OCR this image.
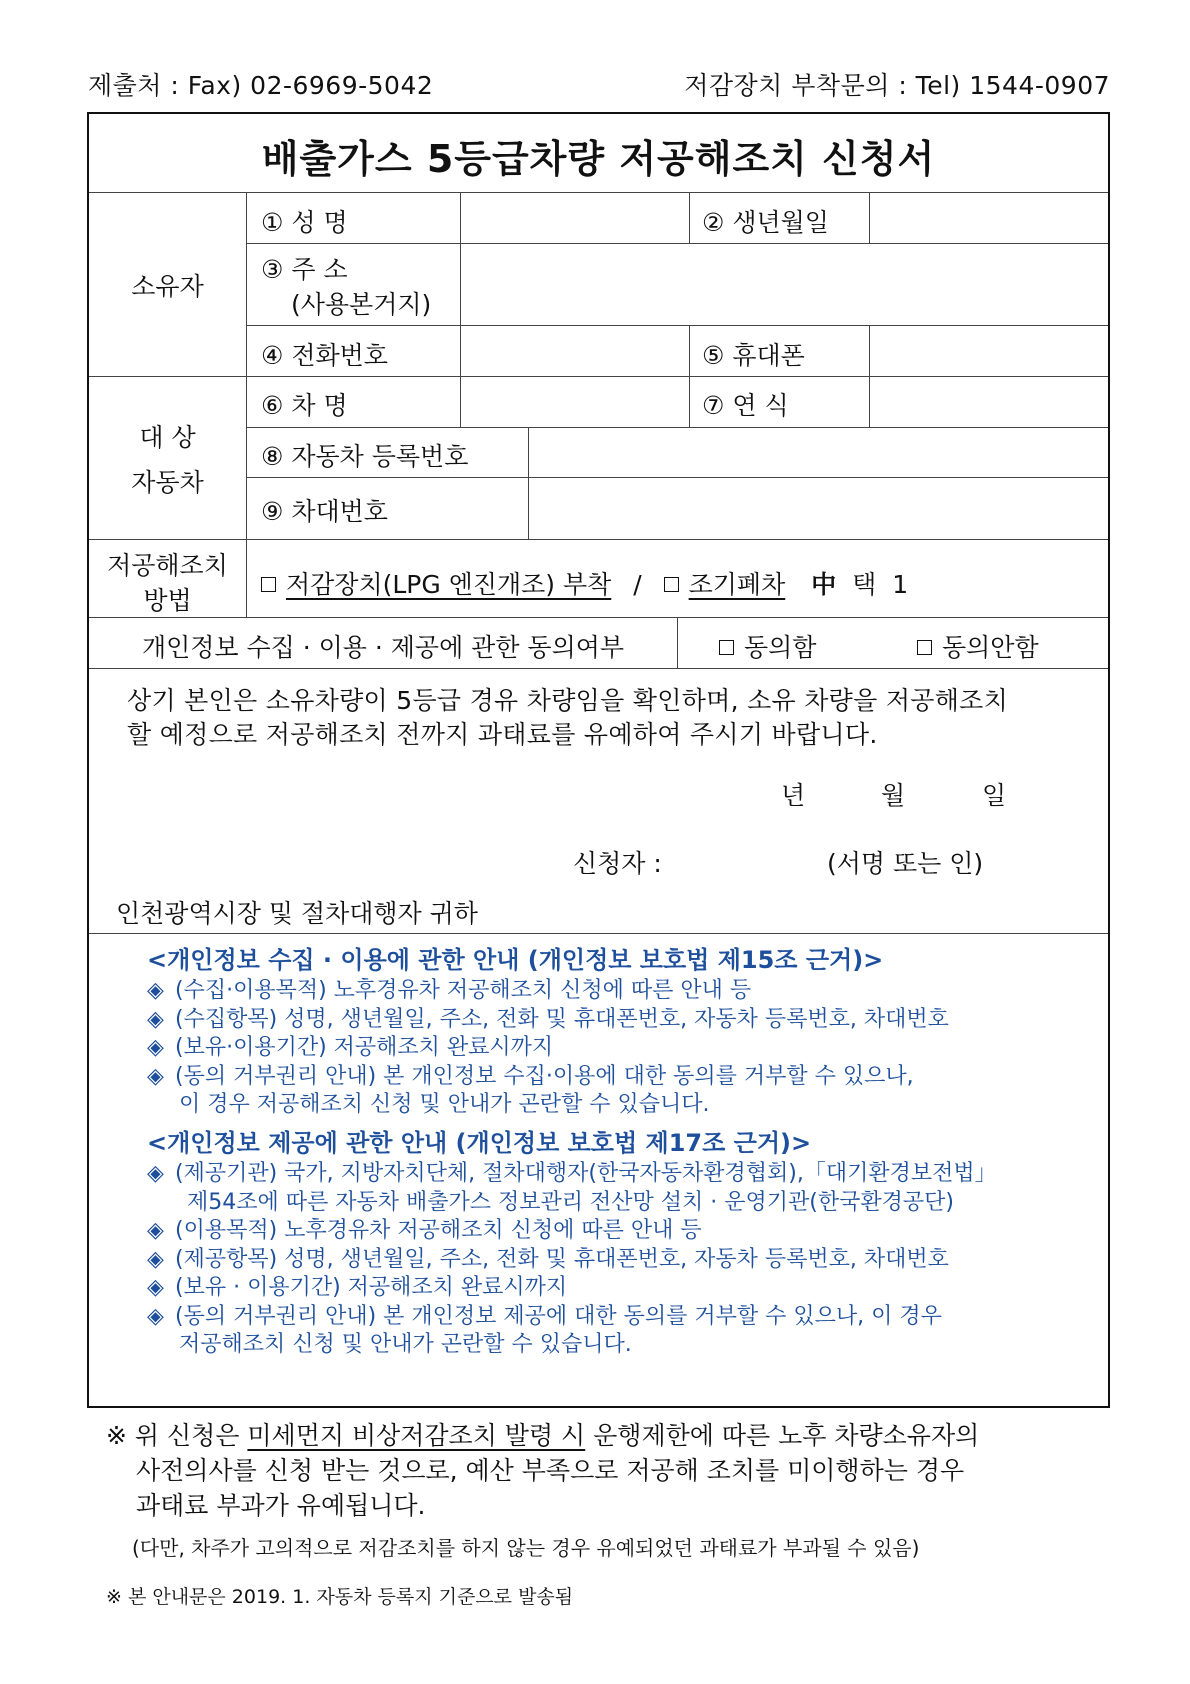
제출처 : Fax) 02-6969-5042	저감장치 부착문의 : Tel) 1544-0907
배출가스 5등급차량 저공해조치 신청서
소유자
① 성 명	② 생년월일
③ 주 소
(사용본거지)
④ 전화번호	⑤ 휴대폰
대 상
자동차
⑥ 차 명	⑦ 연 식
⑧ 자동차 등록번호
⑨ 차대번호
저공해조치
방법
저감장치(LPG 엔진개조) 부착 / 조기폐차 中 택 1
개인정보 수집 · 이용 · 제공에 관한 동의여부	동의함	동의안함
상기 본인은 소유차량이 5등급 경유 차량임을 확인하며, 소유 차량을 저공해조치
할 예정으로 저공해조치 전까지 과태료를 유예하여 주시기 바랍니다.
년	월	일
신청자 :	(서명 또는 인)
인천광역시장 및 절차대행자 귀하
<개인정보 수집 · 이용에 관한 안내 (개인정보 보호법 제15조 근거)>
◈ (수집·이용목적) 노후경유차 저공해조치 신청에 따른 안내 등
◈ (수집항목) 성명, 생년월일, 주소, 전화 및 휴대폰번호, 자동차 등록번호, 차대번호
◈ (보유·이용기간) 저공해조치 완료시까지
◈ (동의 거부권리 안내) 본 개인정보 수집·이용에 대한 동의를 거부할 수 있으나,
이 경우 저공해조치 신청 및 안내가 곤란할 수 있습니다.
<개인정보 제공에 관한 안내 (개인정보 보호법 제17조 근거)>
◈ (제공기관) 국가, 지방자치단체, 절차대행자(한국자동차환경협회),「대기환경보전법」
제54조에 따른 자동차 배출가스 정보관리 전산망 설치 · 운영기관(한국환경공단)
◈ (이용목적) 노후경유차 저공해조치 신청에 따른 안내 등
◈ (제공항목) 성명, 생년월일, 주소, 전화 및 휴대폰번호, 자동차 등록번호, 차대번호
◈ (보유 · 이용기간) 저공해조치 완료시까지
◈ (동의 거부권리 안내) 본 개인정보 제공에 대한 동의를 거부할 수 있으나, 이 경우
저공해조치 신청 및 안내가 곤란할 수 있습니다.
※ 위 신청은 미세먼지 비상저감조치 발령 시 운행제한에 따른 노후 차량소유자의
사전의사를 신청 받는 것으로, 예산 부족으로 저공해 조치를 미이행하는 경우
과태료 부과가 유예됩니다.
(다만, 차주가 고의적으로 저감조치를 하지 않는 경우 유예되었던 과태료가 부과될 수 있음)
※ 본 안내문은 2019. 1. 자동차 등록지 기준으로 발송됨
